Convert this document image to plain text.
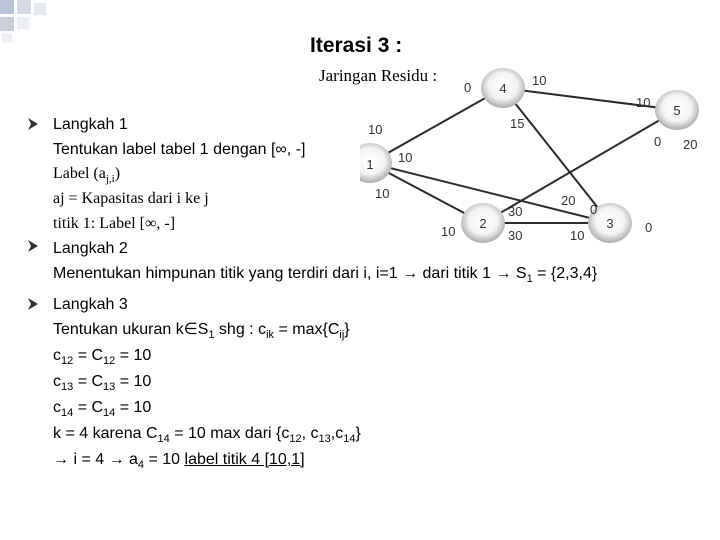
Iterasi 3 :
Jaringan Residu :
1
2	3
4
5
0	10
10
15
10
0 20
10
10	20
30	0
10	30	10
0
Langkah 1
Tentukan label tabel 1 dengan [∞, -]
Label $(a_{j,i})$
aj = Kapasitas dari i ke j
titik 1: Label [∞, -]
Langkah 2
Menentukan himpunan titik yang terdiri dari i, i=1 → dari titik $1 \to S_1 = \{2,3,4\}$
Langkah 3
Tentukan ukuran $k\in S_1$ shg : $c_{ik} = \max\{C_{ij}\}$
$c_{12} = C_{12} = 10$
$c_{13} = C_{13} = 10$
$c_{14} = C_{14} = 10$
k = 4 karena $C_{14} = 10$ max dari {$c_{12}$, $c_{13},c_{14}$}
→ $i = 4 \to a_4 = 10$ label titik 4 [10,1]
